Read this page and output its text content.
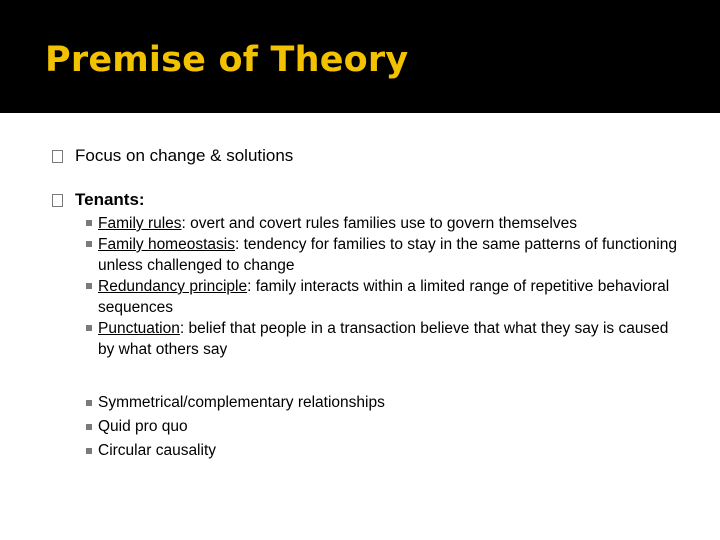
Premise of Theory
Focus on change & solutions
Tenants:
Family rules: overt and covert rules families use to govern themselves
Family homeostasis: tendency for families to stay in the same patterns of functioning unless challenged to change
Redundancy principle: family interacts within a limited range of repetitive behavioral sequences
Punctuation: belief that people in a transaction believe that what they say is caused by what others say
Symmetrical/complementary relationships
Quid pro quo
Circular causality
